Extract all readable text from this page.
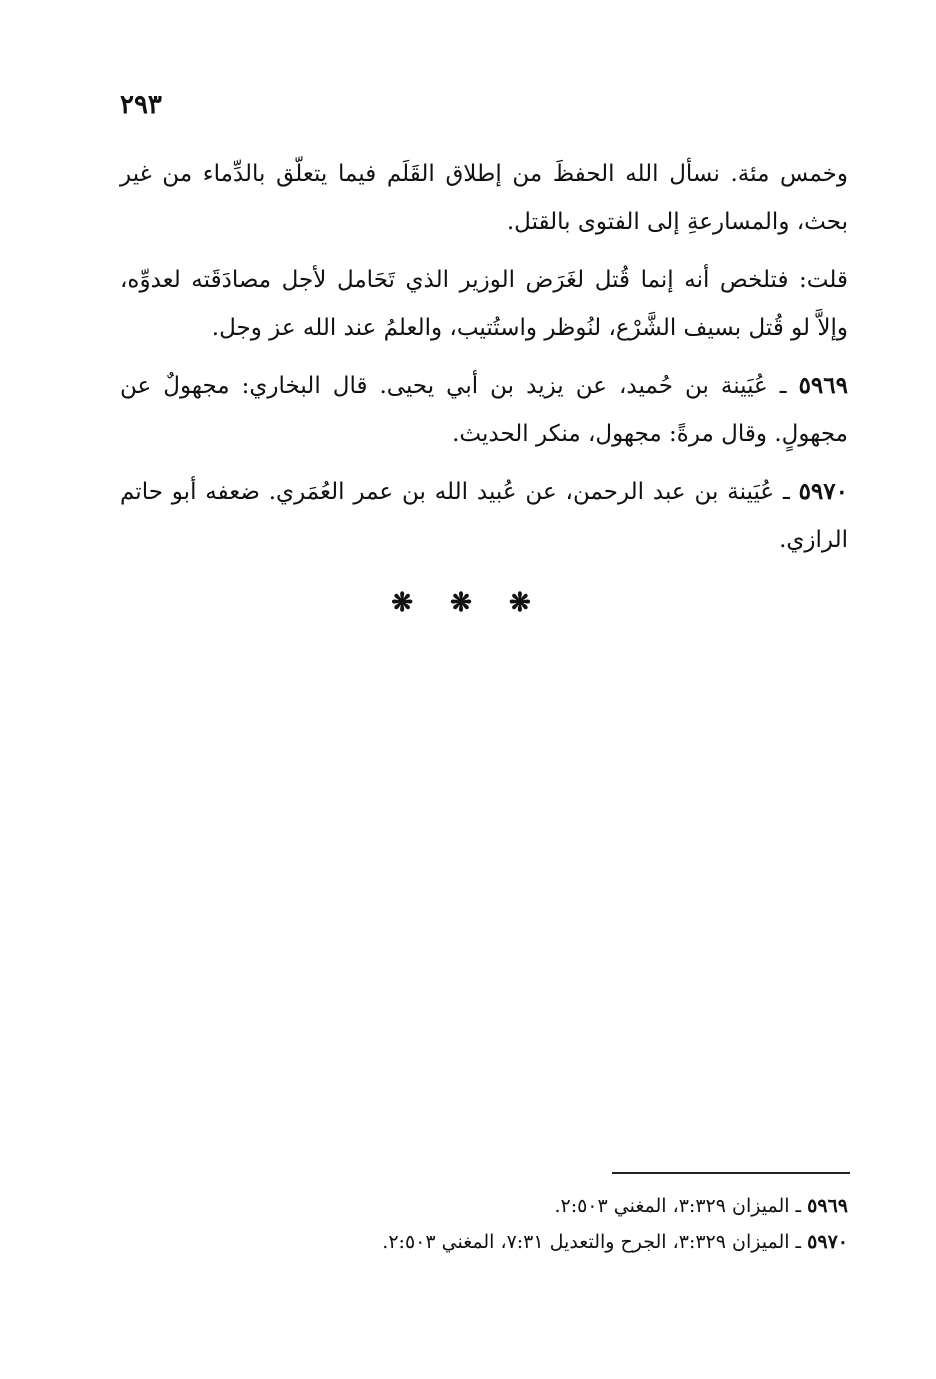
٢٩٣

وخمس مئة. نسأل الله الحفظَ من إطلاق القَلَم فيما يتعلّق بالدِّماء من غير بحث، والمسارعةِ إلى الفتوى بالقتل.

قلت: فتلخص أنه إنما قُتل لغَرَض الوزير الذي تَحَامل لأجل مصادَقَته لعدوِّه، وإلاَّ لو قُتل بسيف الشَّرْع، لنُوظر واستُتيب، والعلمُ عند الله عز وجل.

٥٩٦٩ ـ عُيَينة بن حُميد، عن يزيد بن أبي يحيى. قال البخاري: مجهولٌ عن مجهولٍ. وقال مرةً: مجهول، منكر الحديث.

٥٩٧٠ ـ عُيَينة بن عبد الرحمن، عن عُبيد الله بن عمر العُمَري. ضعفه أبو حاتم الرازي.

❋ ❋ ❋

٥٩٦٩ ـ الميزان ٣:٣٢٩، المغني ٢:٥٠٣.

٥٩٧٠ ـ الميزان ٣:٣٢٩، الجرح والتعديل ٧:٣١، المغني ٢:٥٠٣.
